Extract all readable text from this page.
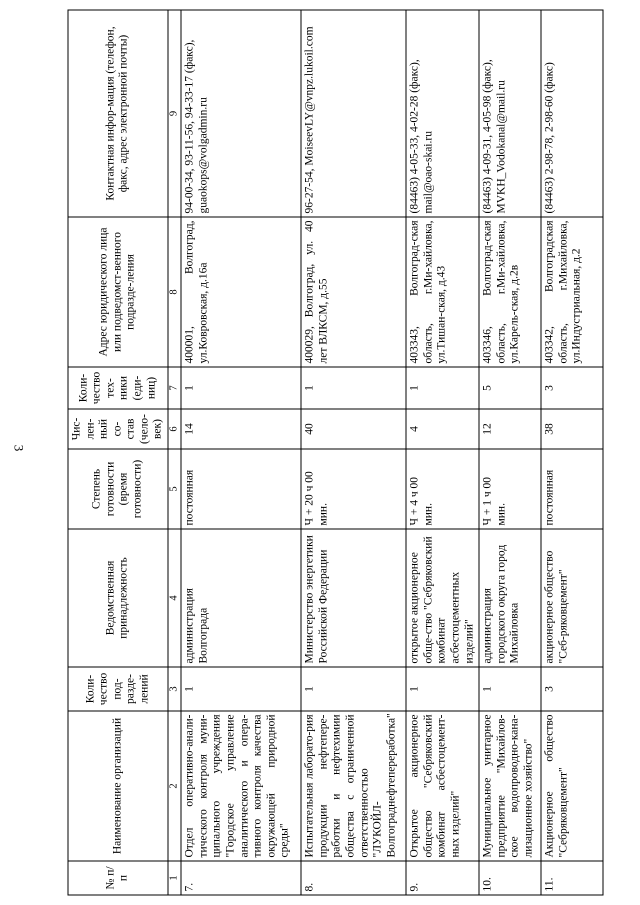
3
№ п/п	Наименование организаций	Коли-чество под-разде-лений	Ведомственная принадлежность	Степень готовности (время готовности)	Чис-лен-ный со-став (чело-век)	Коли-чество тех-ники (еди-ниц)	Адрес юридического лица или подведомст-венного подразде-ления	Контактная инфор-мация (телефон, факс, адрес электронной почты)
1	2	3	4	5	6	7	8	9
7.	Отдел оперативно-анали-тического контроля муни-ципального учреждения "Городское управление аналитического и опера-тивного контроля качества окружающей природной среды"	1	администрация Волгограда	постоянная	14	1	400001, Волгоград, ул.Ковровская, д.16а	94-00-34, 93-11-56, 94-33-17 (факс), guaokops@volgadmin.ru
8.	Испытательная лаборато-рия продукции нефтепере-работки и нефтехимии общества с ограниченной ответственностью "ЛУКОЙЛ-Волгограднефтепереработка"	1	Министерство энергетики Российской Федерации	Ч + 20 ч 00 мин.	40	1	400029, Волгоград, ул. 40 лет ВЛКСМ, д.55	96-27-54, MoiseevLY@vnpz.lukoil.com
9.	Открытое акционерное общество "Себряковский комбинат асбестоцемент-ных изделий"	1	открытое акционерное обще-ство "Себряковский комбинат асбестоцементных изделий"	Ч + 4 ч 00 мин.	4	1	403343, Волгоград-ская область, г.Ми-хайловка, ул.Тишан-ская, д.43	(84463) 4-05-33, 4-02-28 (факс), mail@oao-skai.ru
10.	Муниципальное унитарное предприятие "Михайлов-ское водопроводно-кана-лизационное хозяйство"	1	администрация городского округа город Михайловка	Ч + 1 ч 00 мин.	12	5	403346, Волгоград-ская область, г.Ми-хайловка, ул.Карель-ская, д.2в	(84463) 4-09-31, 4-05-98 (факс), MVKH_Vodokanal@mail.ru
11.	Акционерное общество "Себряковцемент"	3	акционерное общество "Себ-ряковцемент"	постоянная	38	3	403342, Волгоградская область, г.Михайловка, ул.Индустриальная, д.2	(84463) 2-98-78, 2-98-60 (факс)
